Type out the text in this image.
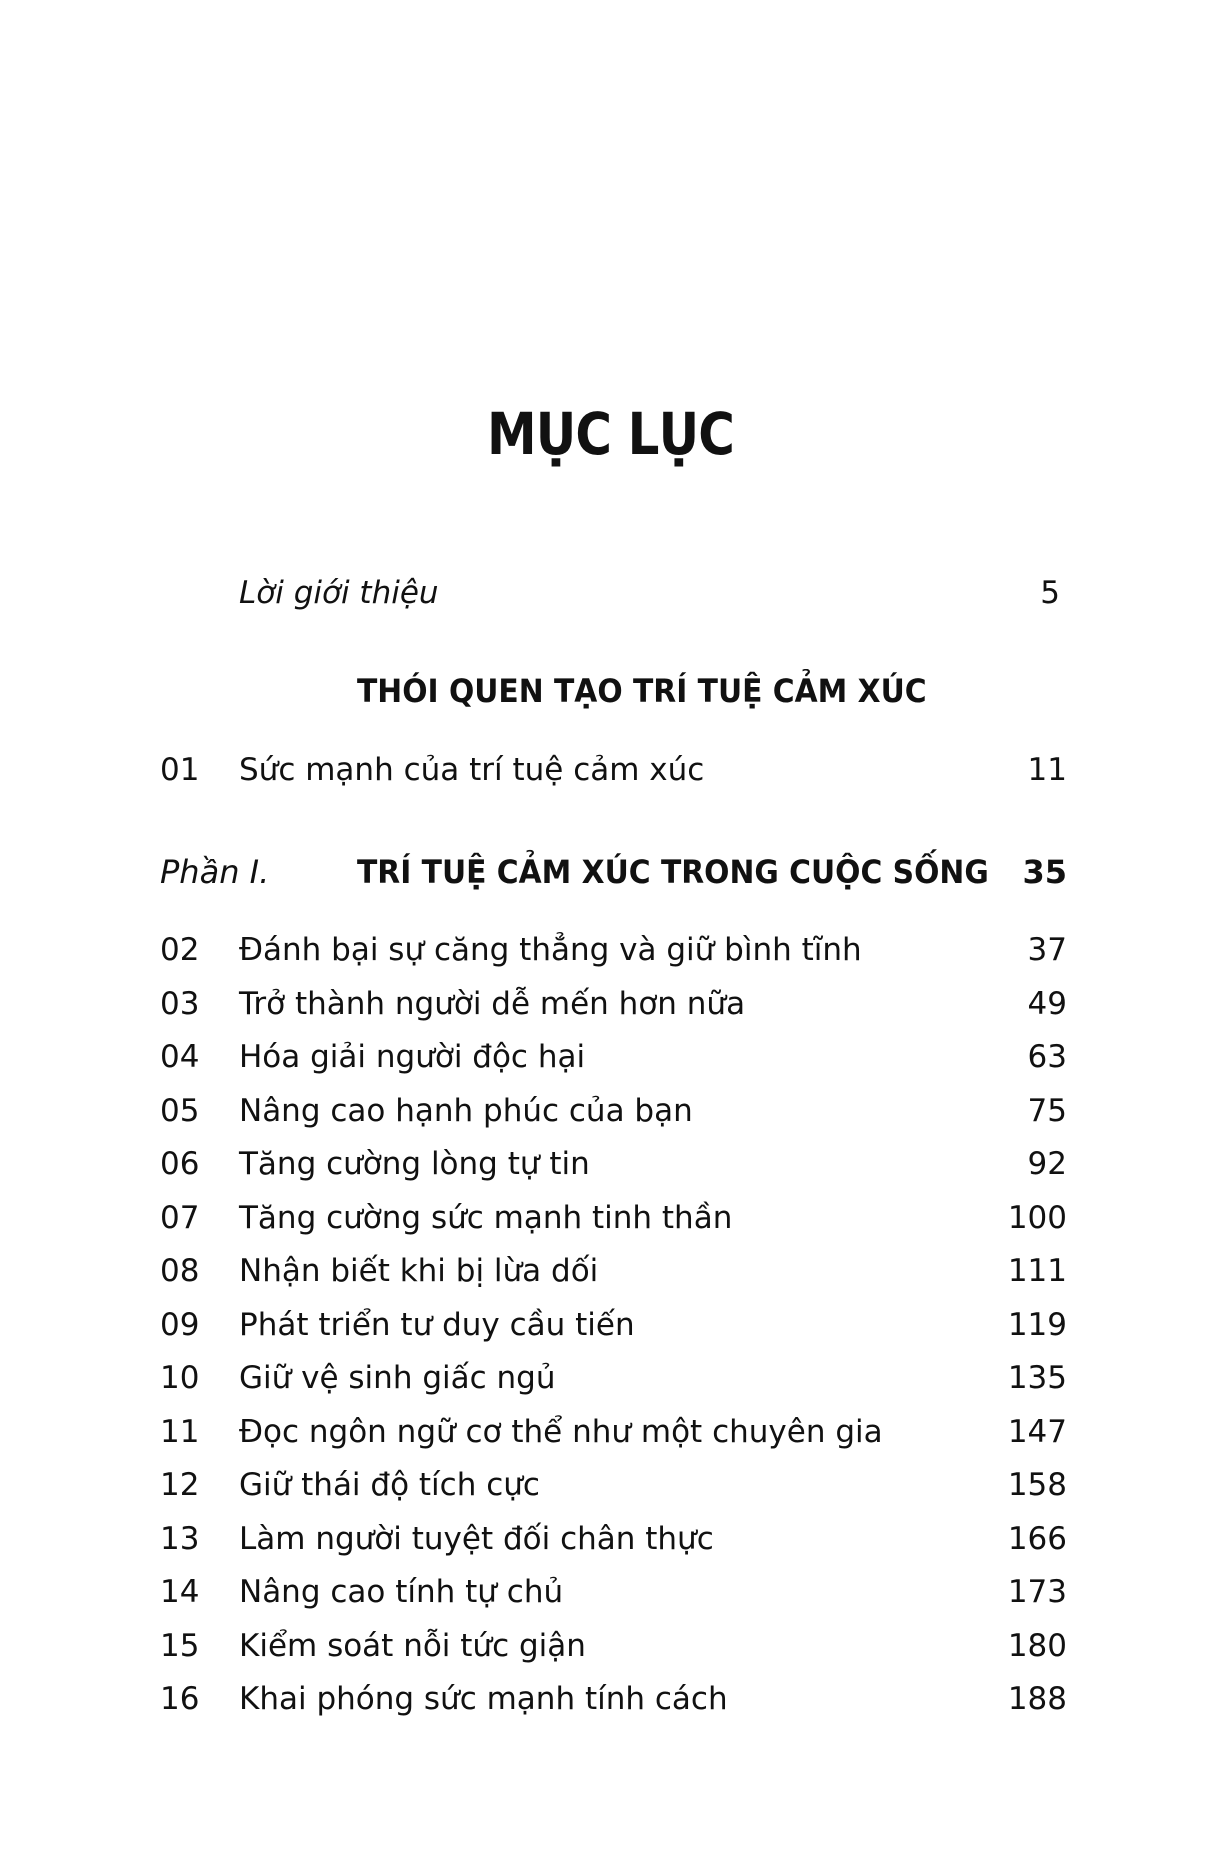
MỤC LỤC
Lời giới thiệu	5
THÓI QUEN TẠO TRÍ TUỆ CẢM XÚC
01 Sức mạnh của trí tuệ cảm xúc	11
Phần I.	TRÍ TUỆ CẢM XÚC TRONG CUỘC SỐNG 35
02 Đánh bại sự căng thẳng và giữ bình tĩnh	37
03 Trở thành người dễ mến hơn nữa	49
04 Hóa giải người độc hại	63
05 Nâng cao hạnh phúc của bạn	75
06 Tăng cường lòng tự tin	92
07 Tăng cường sức mạnh tinh thần	100
08 Nhận biết khi bị lừa dối	111
09 Phát triển tư duy cầu tiến	119
10 Giữ vệ sinh giấc ngủ	135
11 Đọc ngôn ngữ cơ thể như một chuyên gia	147
12 Giữ thái độ tích cực	158
13 Làm người tuyệt đối chân thực	166
14 Nâng cao tính tự chủ	173
15 Kiểm soát nỗi tức giận	180
16 Khai phóng sức mạnh tính cách	188
